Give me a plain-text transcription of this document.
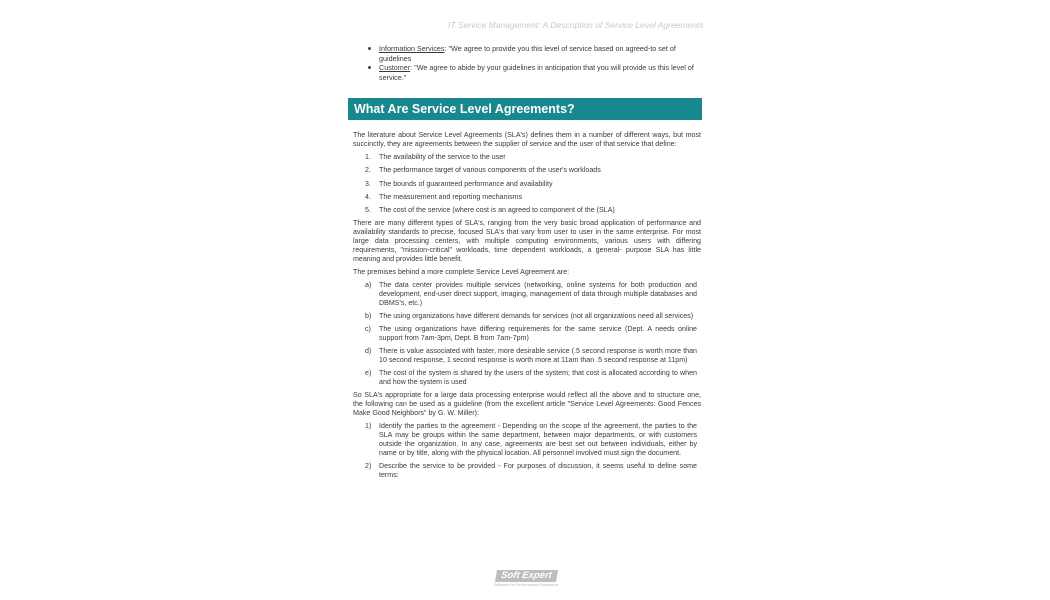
IT Service Management: A Description of Service Level Agreements
Information Services: "We agree to provide you this level of service based on agreed-to set of guidelines
Customer: "We agree to abide by your guidelines in anticipation that you will provide us this level of service."
What Are Service Level Agreements?

The literature about Service Level Agreements (SLA's) defines them in a number of different ways, but most succinctly, they are agreements between the supplier of service and the user of that service that define:

1. The availability of the service to the user
2. The performance target of various components of the user's workloads
3. The bounds of guaranteed performance and availability
4. The measurement and reporting mechanisms
5. The cost of the service (where cost is an agreed to component of the (SLA)

There are many different types of SLA's, ranging from the very basic broad application of performance and availability standards to precise, focused SLA's that vary from user to user in the same enterprise. For most large data processing centers, with multiple computing environments, various users with differing requirements, "mission-critical" workloads, time dependent workloads, a general- purpose SLA has little meaning and provides little benefit.

The premises behind a more complete Service Level Agreement are:

a) The data center provides multiple services (networking, online systems for both production and development, end-user direct support, imaging, management of data through multiple databases and DBMS's, etc.)
b) The using organizations have different demands for services (not all organizations need all services)
c) The using organizations have differing requirements for the same service (Dept. A needs online support from 7am-3pm, Dept. B from 7am-7pm)
d) There is value associated with faster, more desirable service (.5 second response is worth more than 10 second response, 1 second response is worth more at 11am than .5 second response at 11pm)
e) The cost of the system is shared by the users of the system; that cost is allocated according to when and how the system is used

So SLA's appropriate for a large data processing enterprise would reflect all the above and to structure one, the following can be used as a guideline (from the excellent article "Service Level Agreements: Good Fences Make Good Neighbors" by G. W. Miller):

1) Identify the parties to the agreement - Depending on the scope of the agreement, the parties to the SLA may be groups within the same department, between major departments, or with customers outside the organization. In any case, agreements are best set out between individuals, either by name or by title, along with the physical location. All personnel involved must sign the document.
2) Describe the service to be provided - For purposes of discussion, it seems useful to define some terms:
Soft Expert
Software for Performance Excellence
